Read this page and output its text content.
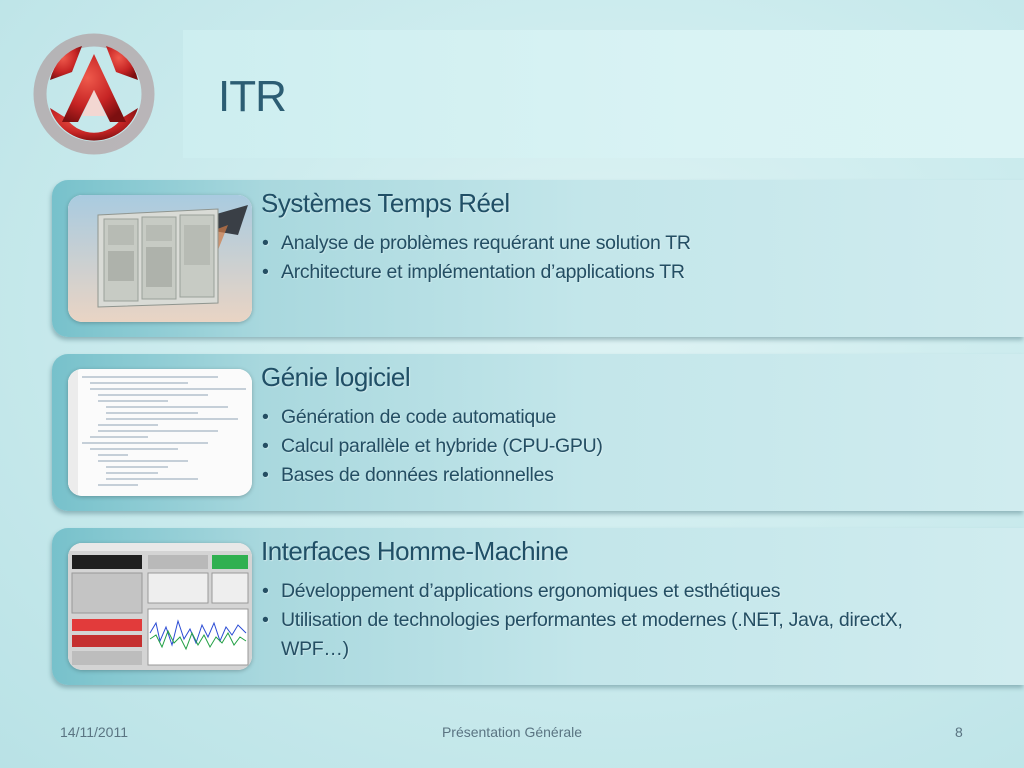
ITR
Systèmes Temps Réel
• Analyse de problèmes requérant une solution TR
• Architecture et implémentation d’applications TR
Génie logiciel
• Génération de code automatique
• Calcul parallèle et hybride (CPU-GPU)
• Bases de données relationnelles
Interfaces Homme-Machine
• Développement d’applications ergonomiques et esthétiques
• Utilisation de technologies performantes et modernes (.NET, Java, directX, WPF…)
14/11/2011	Présentation Générale	8
